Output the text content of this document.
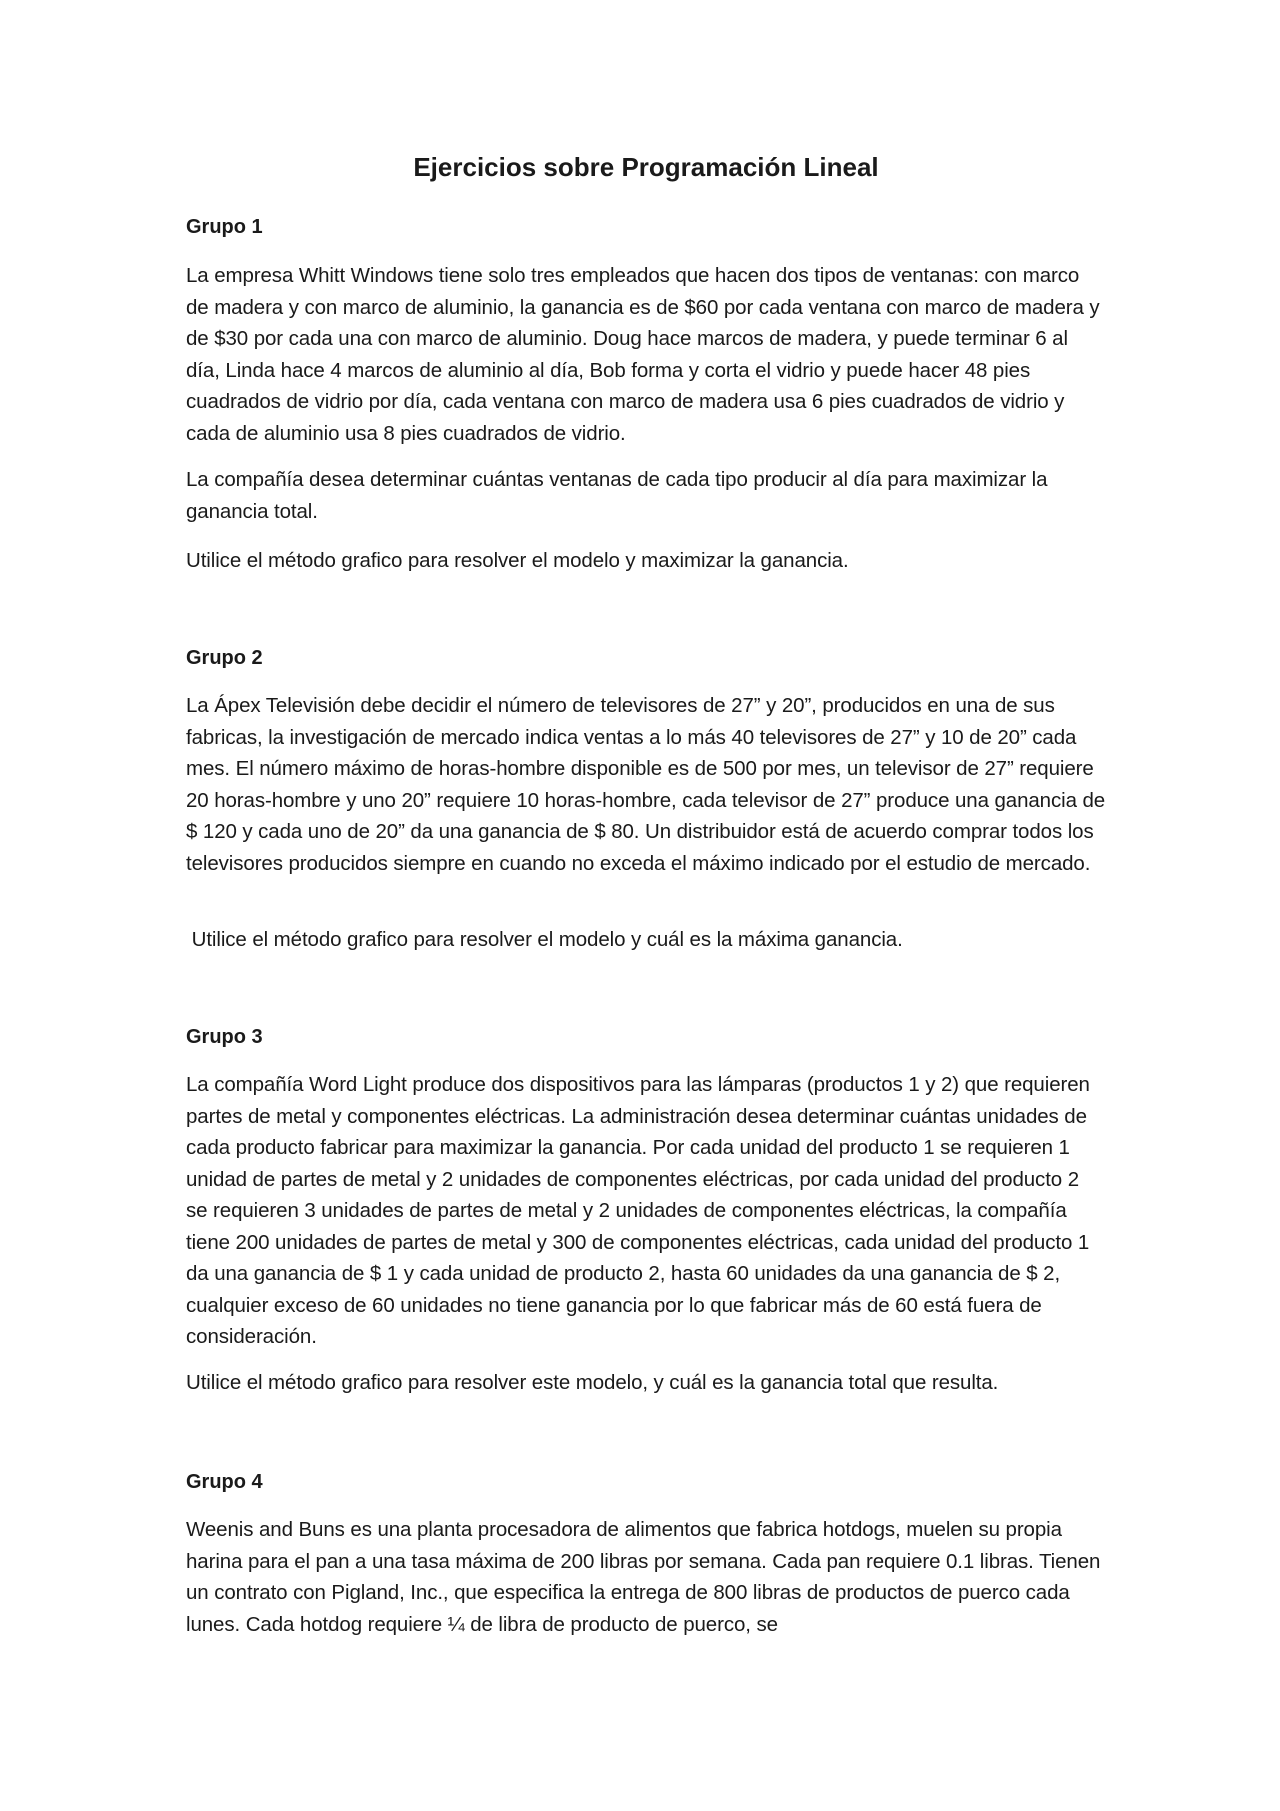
Ejercicios sobre Programación Lineal
Grupo 1

La empresa Whitt Windows tiene solo tres empleados que hacen dos tipos de ventanas: con marco de madera y con marco de aluminio, la ganancia es de $60 por cada ventana con marco de madera y de $30 por cada una con marco de aluminio. Doug hace marcos de madera, y puede terminar 6 al día, Linda hace 4 marcos de aluminio al día, Bob forma y corta el vidrio y puede hacer 48 pies cuadrados de vidrio por día, cada ventana con marco de madera usa 6 pies cuadrados de vidrio y cada de aluminio usa 8 pies cuadrados de vidrio.

La compañía desea determinar cuántas ventanas de cada tipo producir al día para maximizar la ganancia total.

Utilice el método grafico para resolver el modelo y maximizar la ganancia.

Grupo 2

La Ápex Televisión debe decidir el número de televisores de 27” y 20”, producidos en una de sus fabricas, la investigación de mercado indica ventas a lo más 40 televisores de 27” y 10 de 20” cada mes. El número máximo de horas-hombre disponible es de 500 por mes, un televisor de 27” requiere 20 horas-hombre y uno 20” requiere 10 horas-hombre, cada televisor de 27” produce una ganancia de $ 120 y cada uno de 20” da una ganancia de $ 80. Un distribuidor está de acuerdo comprar todos los televisores producidos siempre en cuando no exceda el máximo indicado por el estudio de mercado.

Utilice el método grafico para resolver el modelo y cuál es la máxima ganancia.

Grupo 3

La compañía Word Light produce dos dispositivos para las lámparas (productos 1 y 2) que requieren partes de metal y componentes eléctricas. La administración desea determinar cuántas unidades de cada producto fabricar para maximizar la ganancia. Por cada unidad del producto 1 se requieren 1 unidad de partes de metal y 2 unidades de componentes eléctricas, por cada unidad del producto 2 se requieren 3 unidades de partes de metal y 2 unidades de componentes eléctricas, la compañía tiene 200 unidades de partes de metal y 300 de componentes eléctricas, cada unidad del producto 1 da una ganancia de $ 1 y cada unidad de producto 2, hasta 60 unidades da una ganancia de $ 2, cualquier exceso de 60 unidades no tiene ganancia por lo que fabricar más de 60 está fuera de consideración.

Utilice el método grafico para resolver este modelo, y cuál es la ganancia total que resulta.

Grupo 4

Weenis and Buns es una planta procesadora de alimentos que fabrica hotdogs, muelen su propia harina para el pan a una tasa máxima de 200 libras por semana. Cada pan requiere 0.1 libras. Tienen un contrato con Pigland, Inc., que especifica la entrega de 800 libras de productos de puerco cada lunes. Cada hotdog requiere ¼ de libra de producto de puerco, se
